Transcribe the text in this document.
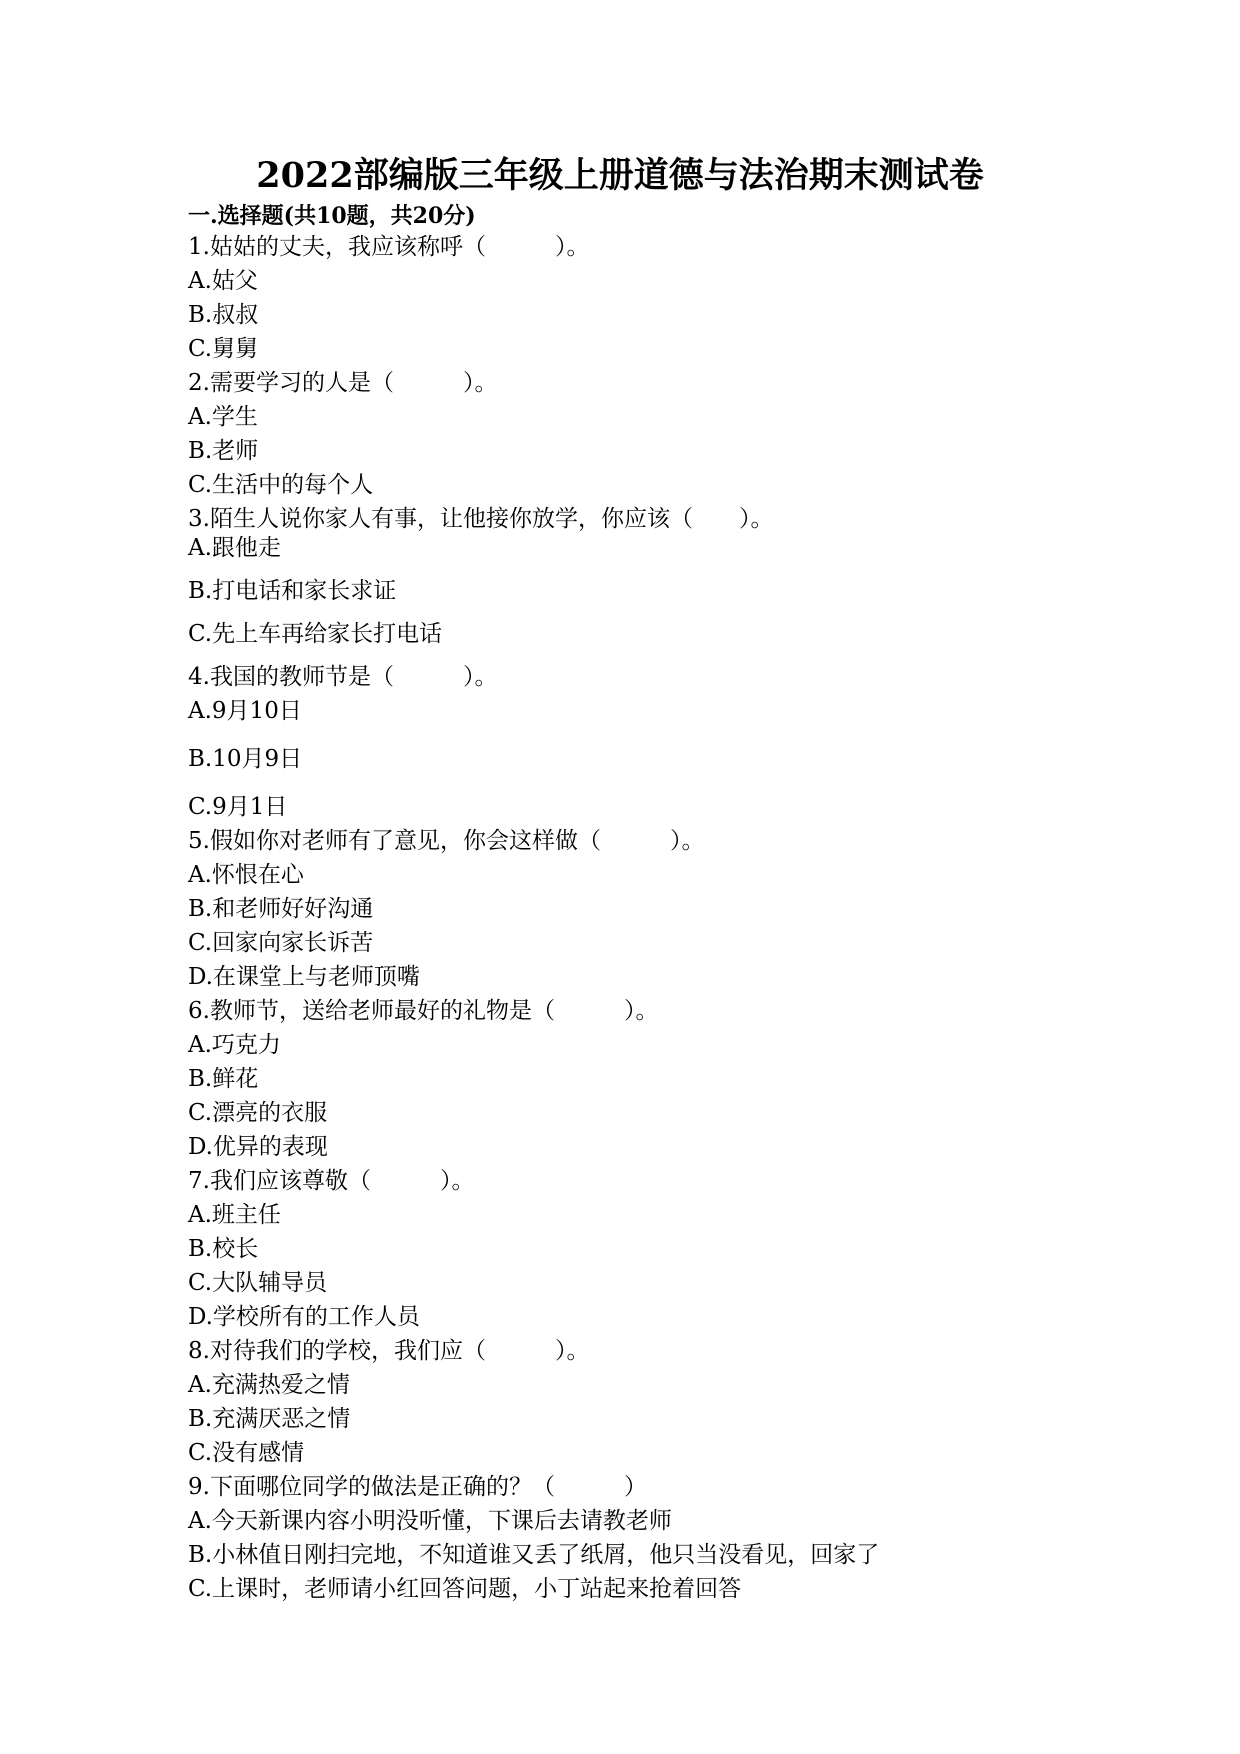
2022部编版三年级上册道德与法治期末测试卷
一.选择题(共10题，共20分)
1.姑姑的丈夫，我应该称呼（　　　）。
A.姑父
B.叔叔
C.舅舅
2.需要学习的人是（　　　）。
A.学生
B.老师
C.生活中的每个人
3.陌生人说你家人有事，让他接你放学，你应该（　　）。
A.跟他走
B.打电话和家长求证
C.先上车再给家长打电话
4.我国的教师节是（　　　）。
A.9月10日
B.10月9日
C.9月1日
5.假如你对老师有了意见，你会这样做（　　　）。
A.怀恨在心
B.和老师好好沟通
C.回家向家长诉苦
D.在课堂上与老师顶嘴
6.教师节，送给老师最好的礼物是（　　　）。
A.巧克力
B.鲜花
C.漂亮的衣服
D.优异的表现
7.我们应该尊敬（　　　）。
A.班主任
B.校长
C.大队辅导员
D.学校所有的工作人员
8.对待我们的学校，我们应（　　　）。
A.充满热爱之情
B.充满厌恶之情
C.没有感情
9.下面哪位同学的做法是正确的？（　　　）
A.今天新课内容小明没听懂，下课后去请教老师
B.小林值日刚扫完地，不知道谁又丢了纸屑，他只当没看见，回家了
C.上课时，老师请小红回答问题，小丁站起来抢着回答
